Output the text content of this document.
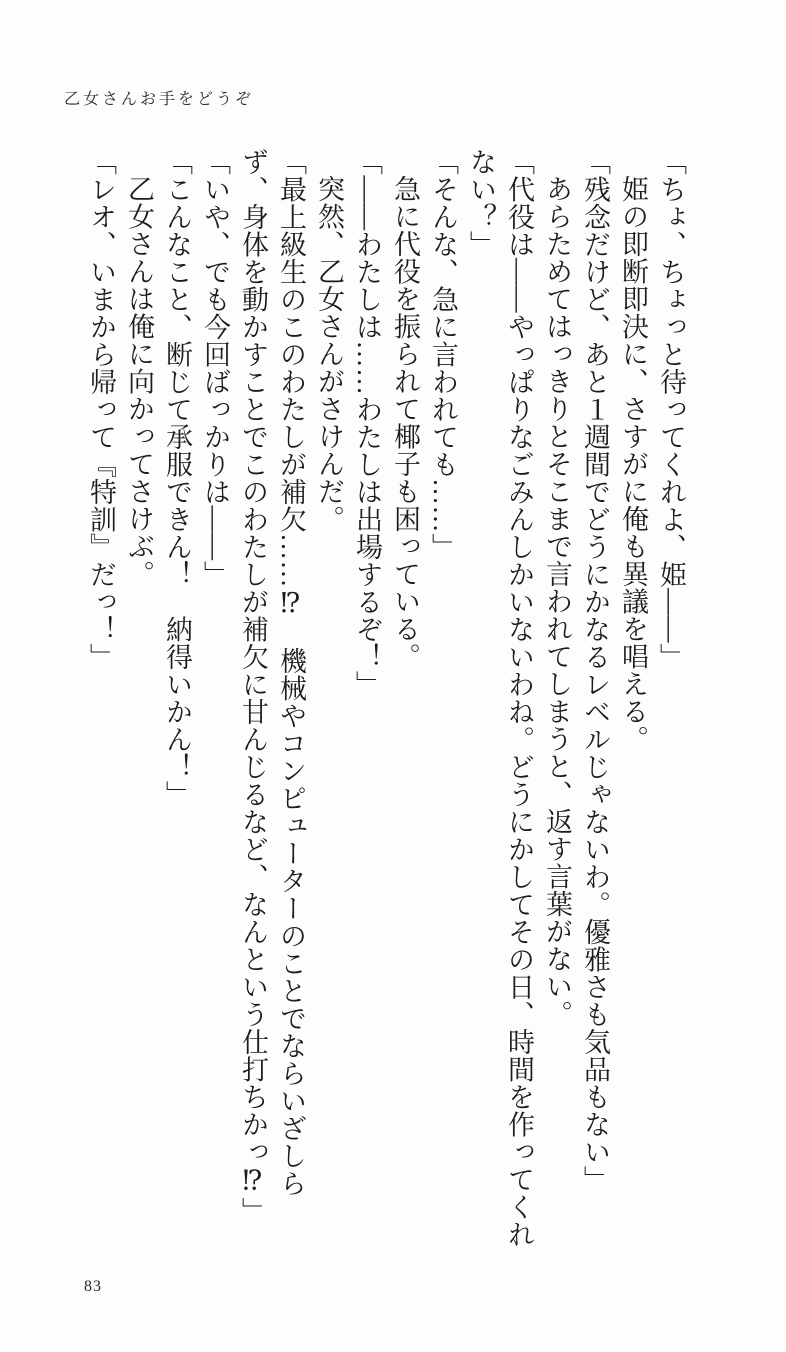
乙女さんお手をどうぞ

「ちょ、ちょっと待ってくれよ、姫――」

姫の即断即決に、さすがに俺も異議を唱える。

「残念だけど、あと１週間でどうにかなるレベルじゃないわ。優雅さも気品もない」

あらためてはっきりとそこまで言われてしまうと、返す言葉がない。

「代役は――やっぱりなごみんしかいないわね。どうにかしてその日、時間を作ってくれない？」

「そんな、急に言われても……」

急に代役を振られて椰子も困っている。

「――わたしは……わたしは出場するぞ！」

突然、乙女さんがさけんだ。

「最上級生のこのわたしが補欠……⁉　機械やコンピューターのことでならいざしらず、身体を動かすことでこのわたしが補欠に甘んじるなど、なんという仕打ちかっ⁉」

「いや、でも今回ばっかりは――」

「こんなこと、断じて承服できん！　納得いかん！」

乙女さんは俺に向かってさけぶ。

「レオ、いまから帰って『特訓』だっ！」

83
